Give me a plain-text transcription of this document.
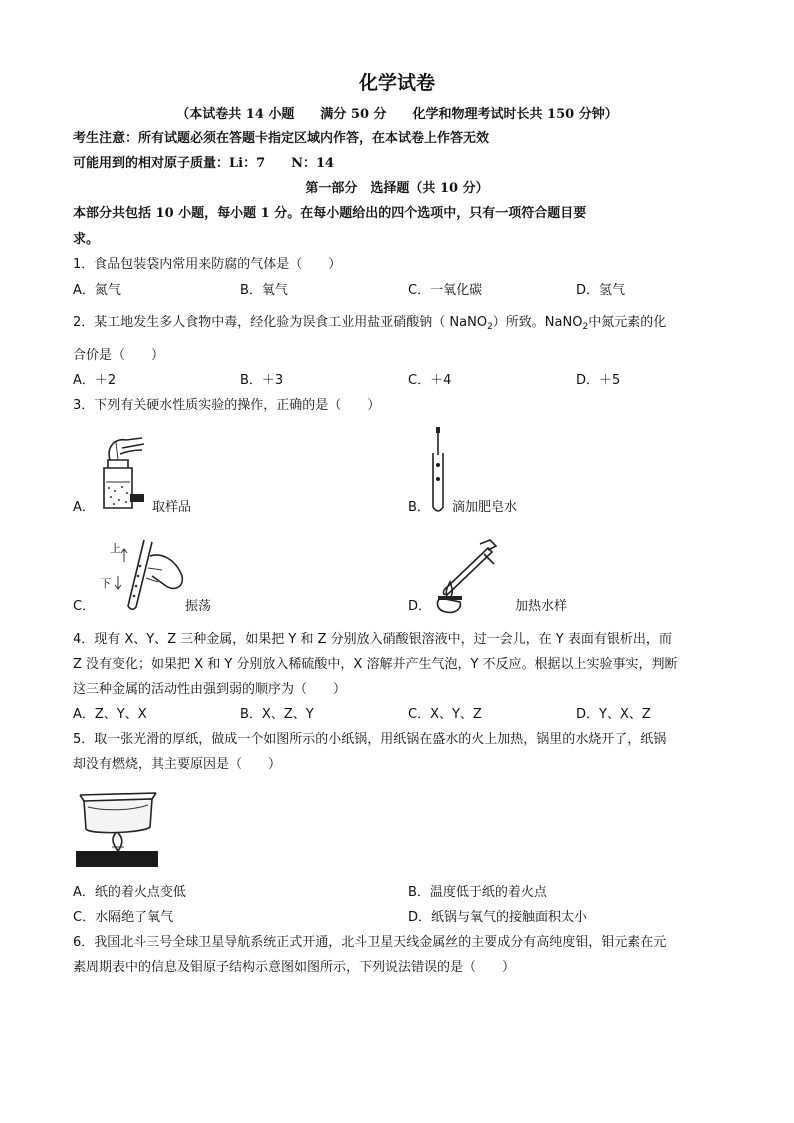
化学试卷
（本试卷共 14 小题　　满分 50 分　　化学和物理考试时长共 150 分钟）
考生注意：所有试题必须在答题卡指定区域内作答，在本试卷上作答无效
可能用到的相对原子质量：Li：7　　N：14
第一部分　选择题（共 10 分）
本部分共包括 10 小题，每小题 1 分。在每小题给出的四个选项中，只有一项符合题目要
求。
1．食品包装袋内常用来防腐的气体是（　　）
A．氮气	B．氧气	C．一氧化碳	D．氢气
2．某工地发生多人食物中毒，经化验为误食工业用盐亚硝酸钠（ NaNO$_2$）所致。NaNO$_2$中氮元素的化
合价是（　　）
A．＋2	B．＋3	C．＋4	D．＋5
3．下列有关硬水性质实验的操作，正确的是（　　）
A．	取样品	B． 滴加肥皂水
C．
上
下
振荡	D．	加热水样
4．现有 X、Y、Z 三种金属，如果把 Y 和 Z 分别放入硝酸银溶液中，过一会儿，在 Y 表面有银析出，而
Z 没有变化；如果把 X 和 Y 分别放入稀硫酸中，X 溶解并产生气泡，Y 不反应。根据以上实验事实，判断
这三种金属的活动性由强到弱的顺序为（　　）
A．Z、Y、X	B．X、Z、Y	C．X、Y、Z	D．Y、X、Z
5．取一张光滑的厚纸，做成一个如图所示的小纸锅，用纸锅在盛水的火上加热，锅里的水烧开了，纸锅
却没有燃烧，其主要原因是（　　）
A．纸的着火点变低	B．温度低于纸的着火点
C．水隔绝了氧气	D．纸锅与氧气的接触面积太小
6．我国北斗三号全球卫星导航系统正式开通，北斗卫星天线金属丝的主要成分有高纯度钼，钼元素在元
素周期表中的信息及钼原子结构示意图如图所示，下列说法错误的是（　　）
